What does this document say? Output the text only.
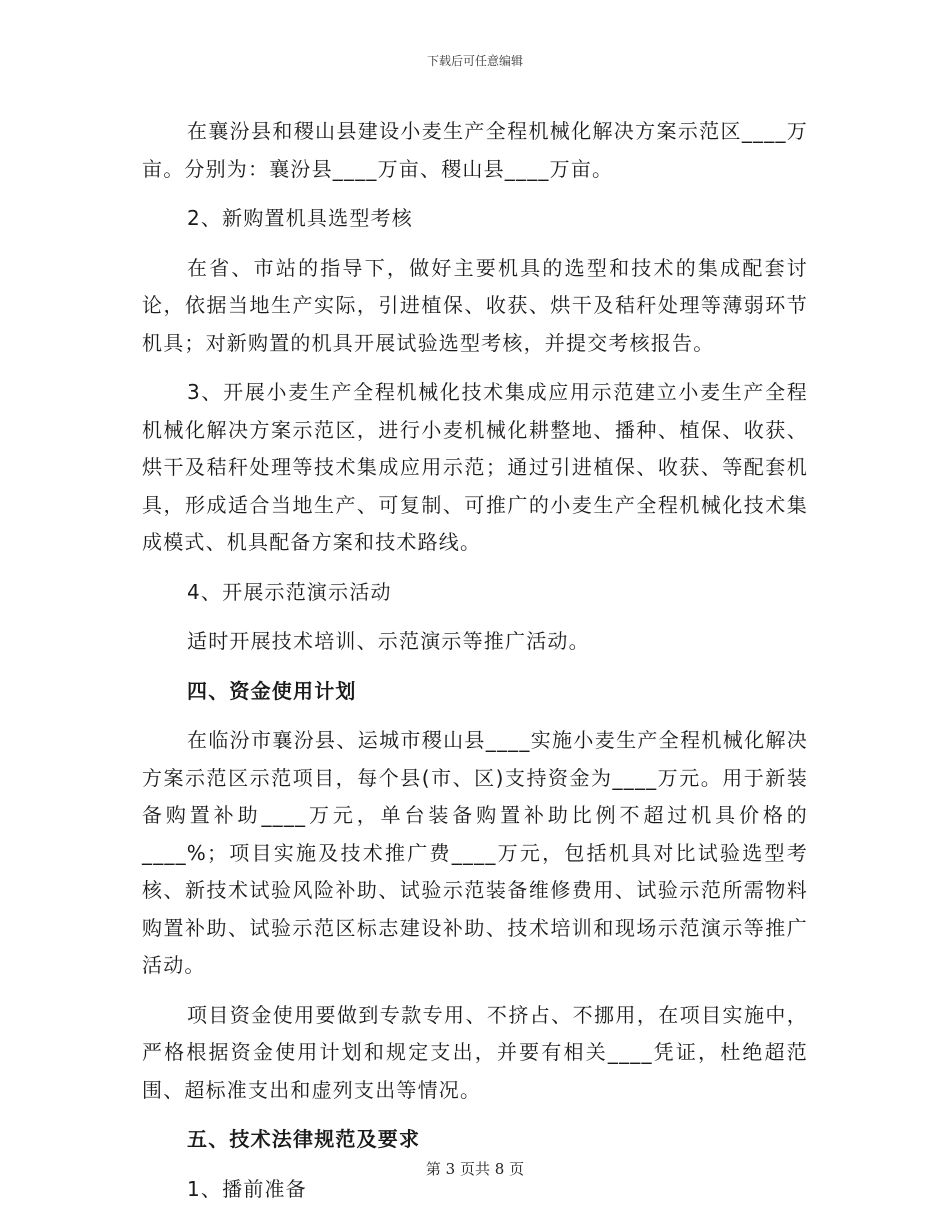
下载后可任意编辑

在襄汾县和稷山县建设小麦生产全程机械化解决方案示范区____万亩。分别为：襄汾县____万亩、稷山县____万亩。

2、新购置机具选型考核

在省、市站的指导下，做好主要机具的选型和技术的集成配套讨论，依据当地生产实际，引进植保、收获、烘干及秸秆处理等薄弱环节机具；对新购置的机具开展试验选型考核，并提交考核报告。

3、开展小麦生产全程机械化技术集成应用示范建立小麦生产全程机械化解决方案示范区，进行小麦机械化耕整地、播种、植保、收获、烘干及秸秆处理等技术集成应用示范；通过引进植保、收获、等配套机具，形成适合当地生产、可复制、可推广的小麦生产全程机械化技术集成模式、机具配备方案和技术路线。

4、开展示范演示活动

适时开展技术培训、示范演示等推广活动。

四、资金使用计划

在临汾市襄汾县、运城市稷山县____实施小麦生产全程机械化解决方案示范区示范项目，每个县(市、区)支持资金为____万元。用于新装备购置补助____万元，单台装备购置补助比例不超过机具价格的____%；项目实施及技术推广费____万元，包括机具对比试验选型考核、新技术试验风险补助、试验示范装备维修费用、试验示范所需物料购置补助、试验示范区标志建设补助、技术培训和现场示范演示等推广活动。

项目资金使用要做到专款专用、不挤占、不挪用，在项目实施中，严格根据资金使用计划和规定支出，并要有相关____凭证，杜绝超范围、超标准支出和虚列支出等情况。

五、技术法律规范及要求

1、播前准备

第 3 页共 8 页
